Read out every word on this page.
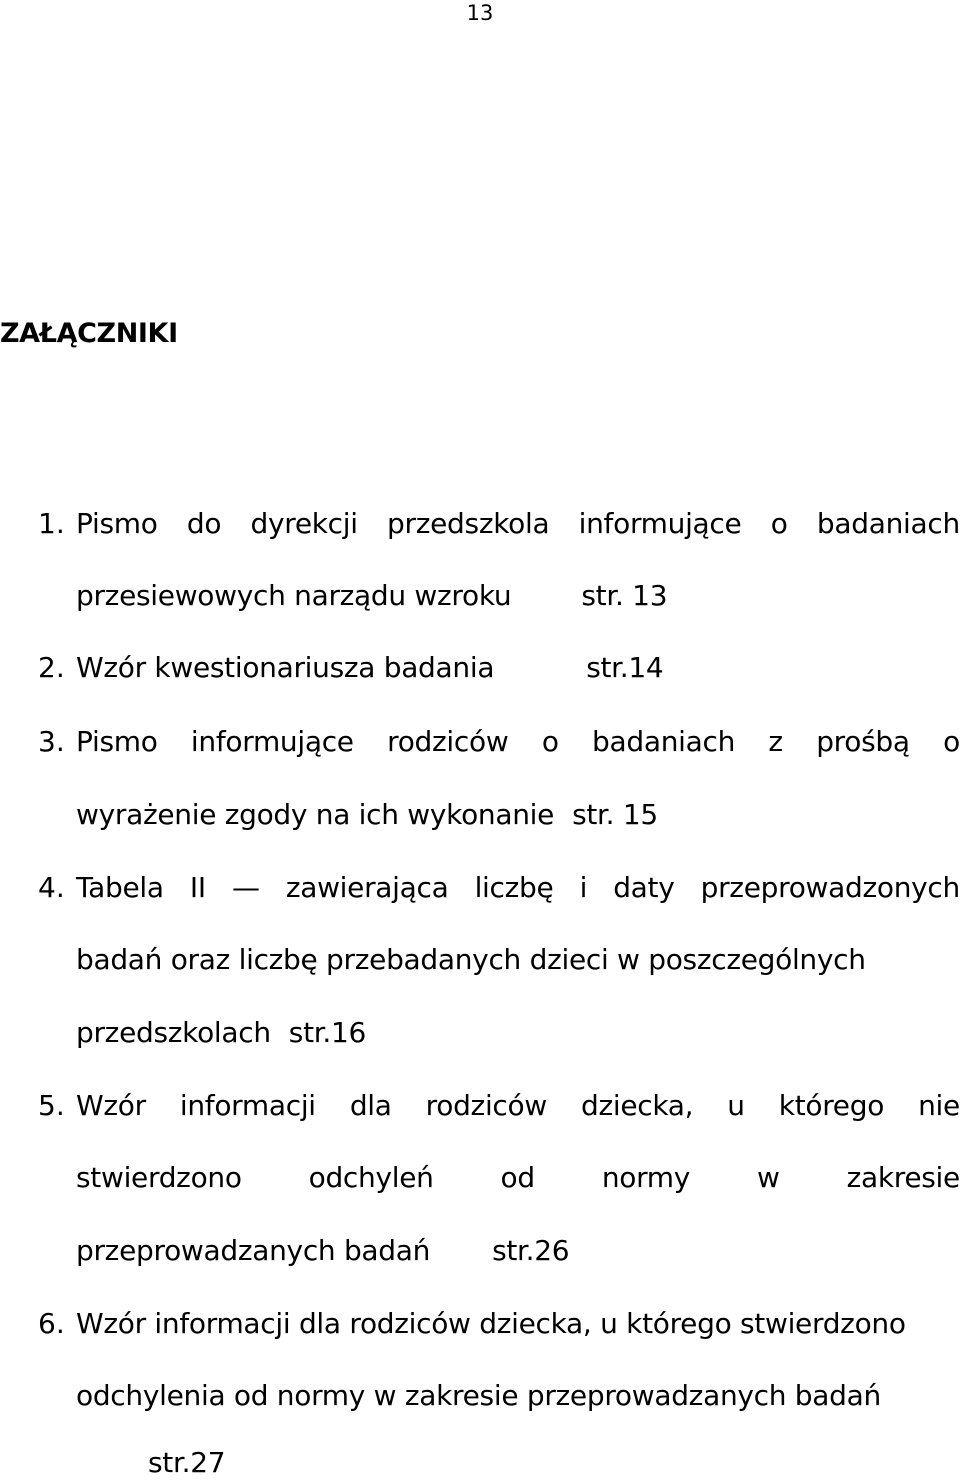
13
ZAŁĄCZNIKI
1. Pismo do dyrekcji przedszkola informujące o badaniach
przesiewowych narządu wzroku	str. 13
2. Wzór kwestionariusza badania	str.14
3. Pismo informujące rodziców o badaniach z prośbą o
wyrażenie zgody na ich wykonanie str. 15
4. Tabela II — zawierająca liczbę i daty przeprowadzonych
badań oraz liczbę przebadanych dzieci w poszczególnych
przedszkolach str.16
5. Wzór informacji dla rodziców dziecka, u którego nie
stwierdzono odchyleń od normy w zakresie
przeprowadzanych badań str.26
6. Wzór informacji dla rodziców dziecka, u którego stwierdzono
odchylenia od normy w zakresie przeprowadzanych badań
str.27
